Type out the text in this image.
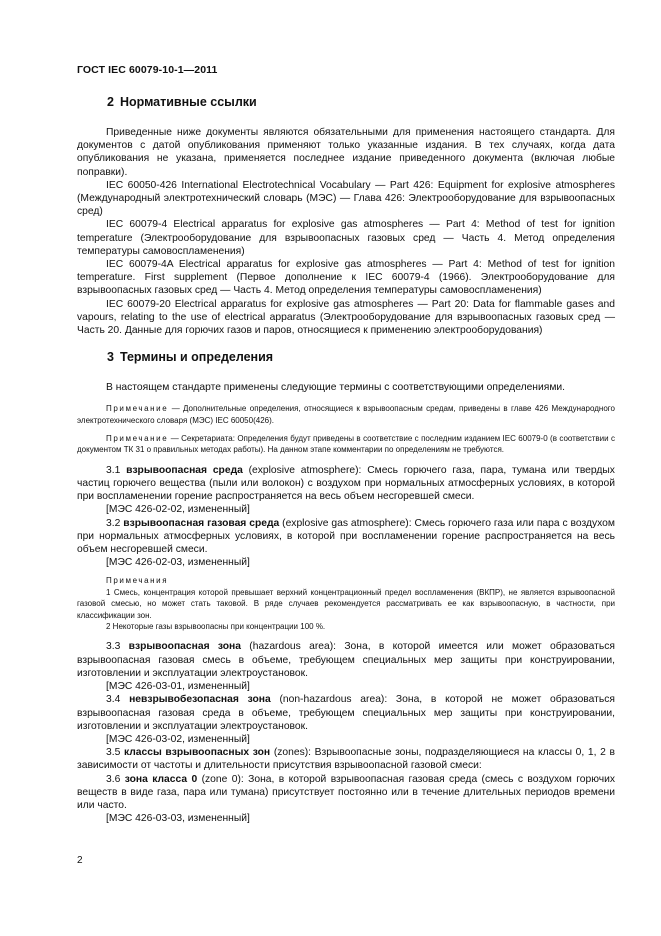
ГОСТ IEC 60079-10-1—2011
2 Нормативные ссылки

Приведенные ниже документы являются обязательными для применения настоящего стандарта. Для документов с датой опубликования применяют только указанные издания. В тех случаях, когда дата опубликования не указана, применяется последнее издание приведенного документа (включая любые поправки).

IEC 60050-426 International Electrotechnical Vocabulary — Part 426: Equipment for explosive atmospheres (Международный электротехнический словарь (МЭС) — Глава 426: Электрооборудование для взрывоопасных сред)

IEC 60079-4 Electrical apparatus for explosive gas atmospheres — Part 4: Method of test for ignition temperature (Электрооборудование для взрывоопасных газовых сред — Часть 4. Метод определения температуры самовоспламенения)

IEC 60079-4A Electrical apparatus for explosive gas atmospheres — Part 4: Method of test for ignition temperature. First supplement (Первое дополнение к IEC 60079-4 (1966). Электрооборудование для взрывоопасных газовых сред — Часть 4. Метод определения температуры самовоспламенения)

IEC 60079-20 Electrical apparatus for explosive gas atmospheres — Part 20: Data for flammable gases and vapours, relating to the use of electrical apparatus (Электрооборудование для взрывоопасных газовых сред — Часть 20. Данные для горючих газов и паров, относящиеся к применению электрооборудования)

3 Термины и определения

В настоящем стандарте применены следующие термины с соответствующими определениями.

Примечание — Дополнительные определения, относящиеся к взрывоопасным средам, приведены в главе 426 Международного электротехнического словаря (МЭС) IEC 60050(426).

Примечание — Секретариата: Определения будут приведены в соответствие с последним изданием IEC 60079-0 (в соответствии с документом ТК 31 о правильных методах работы). На данном этапе комментарии по определениям не требуются.

3.1 взрывоопасная среда (explosive atmosphere): Смесь горючего газа, пара, тумана или твердых частиц горючего вещества (пыли или волокон) с воздухом при нормальных атмосферных условиях, в которой при воспламенении горение распространяется на весь объем несгоревшей смеси.

[МЭС 426-02-02, измененный]

3.2 взрывоопасная газовая среда (explosive gas atmosphere): Смесь горючего газа или пара с воздухом при нормальных атмосферных условиях, в которой при воспламенении горение распространяется на весь объем несгоревшей смеси.

[МЭС 426-02-03, измененный]

Примечания

1 Смесь, концентрация которой превышает верхний концентрационный предел воспламенения (ВКПР), не является взрывоопасной газовой смесью, но может стать таковой. В ряде случаев рекомендуется рассматривать ее как взрывоопасную, в частности, при классификации зон.

2 Некоторые газы взрывоопасны при концентрации 100 %.

3.3 взрывоопасная зона (hazardous area): Зона, в которой имеется или может образоваться взрывоопасная газовая смесь в объеме, требующем специальных мер защиты при конструировании, изготовлении и эксплуатации электроустановок.

[МЭС 426-03-01, измененный]

3.4 невзрывобезопасная зона (non-hazardous area): Зона, в которой не может образоваться взрывоопасная газовая среда в объеме, требующем специальных мер защиты при конструировании, изготовлении и эксплуатации электроустановок.

[МЭС 426-03-02, измененный]

3.5 классы взрывоопасных зон (zones): Взрывоопасные зоны, подразделяющиеся на классы 0, 1, 2 в зависимости от частоты и длительности присутствия взрывоопасной газовой смеси:

3.6 зона класса 0 (zone 0): Зона, в которой взрывоопасная газовая среда (смесь с воздухом горючих веществ в виде газа, пара или тумана) присутствует постоянно или в течение длительных периодов времени или часто.

[МЭС 426-03-03, измененный]

2
